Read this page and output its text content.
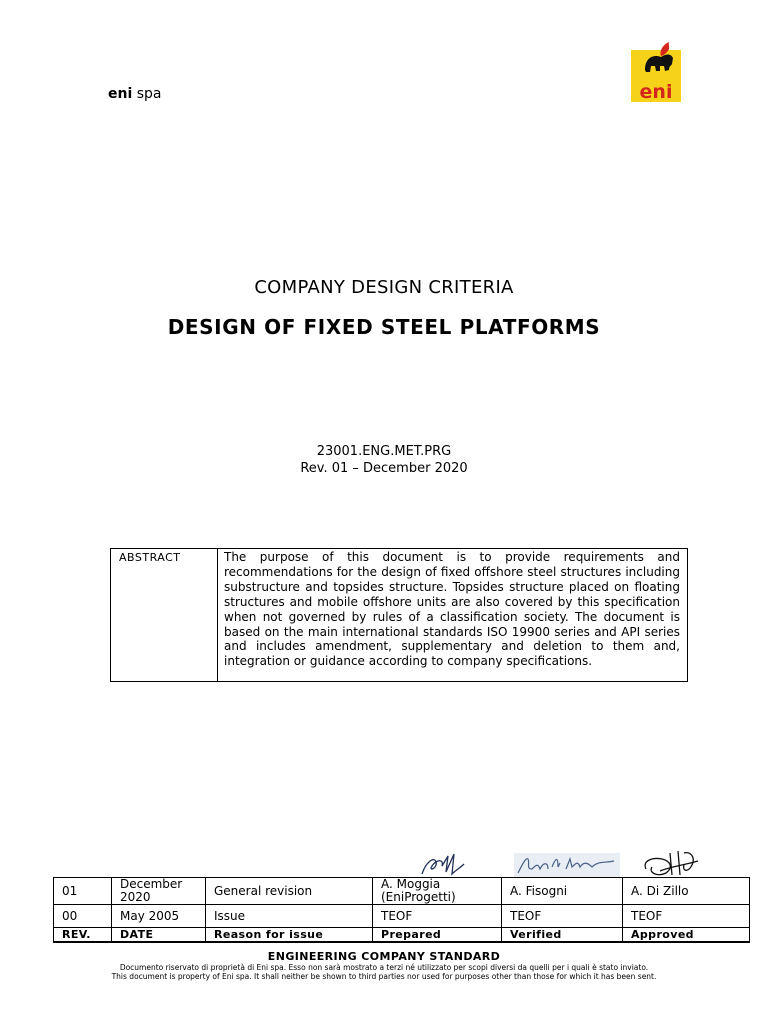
eni spa	eni
COMPANY DESIGN CRITERIA
DESIGN OF FIXED STEEL PLATFORMS
23001.ENG.MET.PRG
Rev. 01 – December 2020
ABSTRACT	The purpose of this document is to provide requirements and recommendations for the design of fixed offshore steel structures including substructure and topsides structure. Topsides structure placed on floating structures and mobile offshore units are also covered by this specification when not governed by rules of a classification society. The document is based on the main international standards ISO 19900 series and API series and includes amendment, supplementary and deletion to them and, integration or guidance according to company specifications.
01	December 2020	General revision	A. Moggia (EniProgetti)	A. Fisogni	A. Di Zillo
00	May 2005	Issue	TEOF	TEOF	TEOF
REV.	DATE	Reason for issue	Prepared	Verified	Approved
ENGINEERING COMPANY STANDARD
Documento riservato di proprietà di Eni spa. Esso non sarà mostrato a terzi né utilizzato per scopi diversi da quelli per i quali è stato inviato.
This document is property of Eni spa. It shall neither be shown to third parties nor used for purposes other than those for which it has been sent.
